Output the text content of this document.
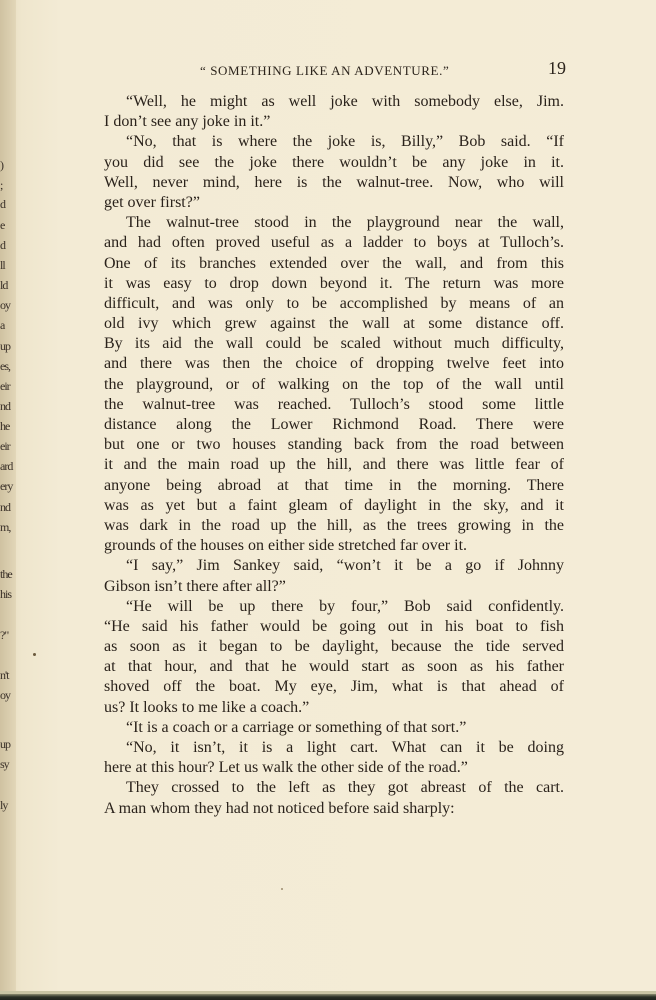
)
;
d
e
d
ll
ld
oy
a
up
es,
eir
nd
he
eir
ard
ery
nd
m,
the
his
?"
n't
oy
up
sy
ly
“ SOMETHING LIKE AN ADVENTURE.”	19
“Well, he might as well joke with somebody else, Jim.
I don’t see any joke in it.”
“No, that is where the joke is, Billy,” Bob said. “If
you did see the joke there wouldn’t be any joke in it.
Well, never mind, here is the walnut-tree. Now, who will
get over first?”
The walnut-tree stood in the playground near the wall,
and had often proved useful as a ladder to boys at Tulloch’s.
One of its branches extended over the wall, and from this
it was easy to drop down beyond it. The return was more
difficult, and was only to be accomplished by means of an
old ivy which grew against the wall at some distance off.
By its aid the wall could be scaled without much difficulty,
and there was then the choice of dropping twelve feet into
the playground, or of walking on the top of the wall until
the walnut-tree was reached. Tulloch’s stood some little
distance along the Lower Richmond Road. There were
but one or two houses standing back from the road between
it and the main road up the hill, and there was little fear of
anyone being abroad at that time in the morning. There
was as yet but a faint gleam of daylight in the sky, and it
was dark in the road up the hill, as the trees growing in the
grounds of the houses on either side stretched far over it.
“I say,” Jim Sankey said, “won’t it be a go if Johnny
Gibson isn’t there after all?”
“He will be up there by four,” Bob said confidently.
“He said his father would be going out in his boat to fish
as soon as it began to be daylight, because the tide served
at that hour, and that he would start as soon as his father
shoved off the boat. My eye, Jim, what is that ahead of
us? It looks to me like a coach.”
“It is a coach or a carriage or something of that sort.”
“No, it isn’t, it is a light cart. What can it be doing
here at this hour? Let us walk the other side of the road.”
They crossed to the left as they got abreast of the cart.
A man whom they had not noticed before said sharply:
